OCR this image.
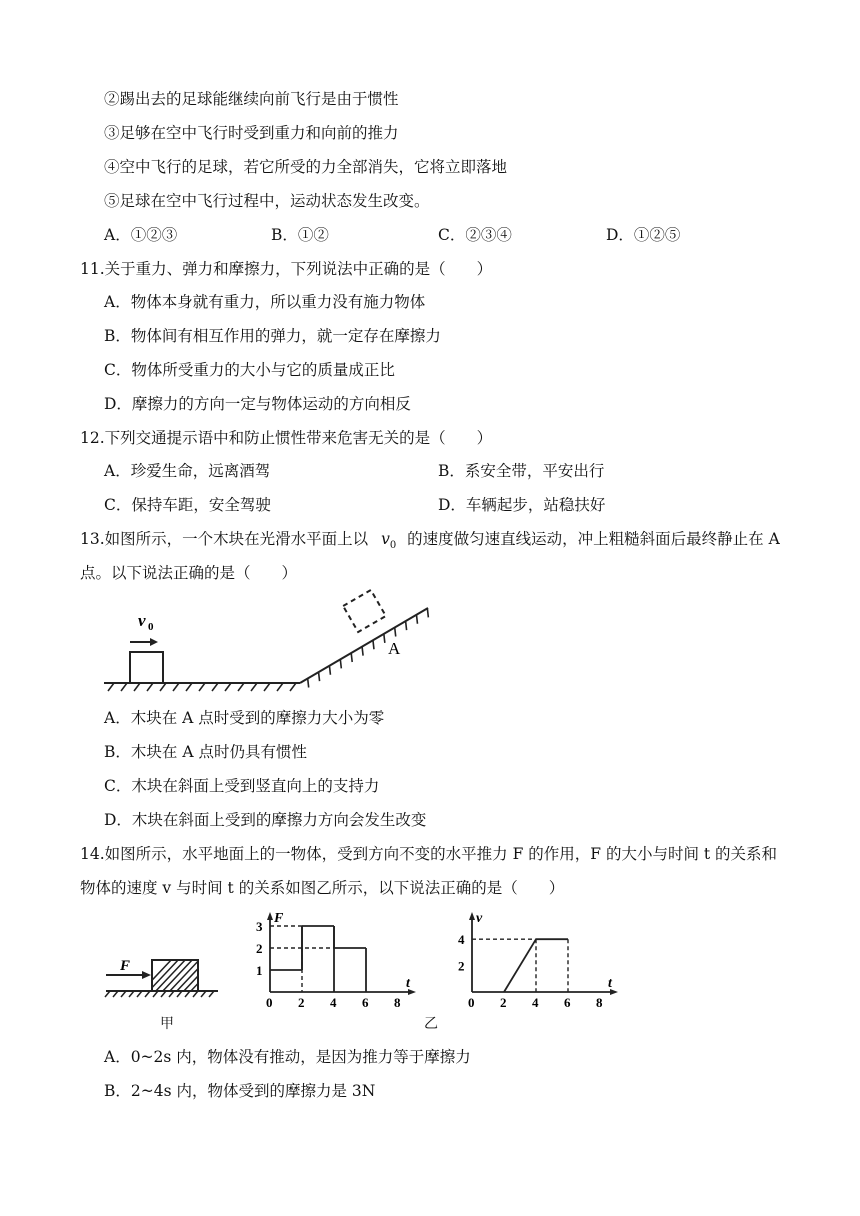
②踢出去的足球能继续向前飞行是由于惯性
③足够在空中飞行时受到重力和向前的推力
④空中飞行的足球，若它所受的力全部消失，它将立即落地
⑤足球在空中飞行过程中，运动状态发生改变。
A．①②③	B．①②	C．②③④	D．①②⑤
11.关于重力、弹力和摩擦力，下列说法中正确的是（　　）
A．物体本身就有重力，所以重力没有施力物体
B．物体间有相互作用的弹力，就一定存在摩擦力
C．物体所受重力的大小与它的质量成正比
D．摩擦力的方向一定与物体运动的方向相反
12.下列交通提示语中和防止惯性带来危害无关的是（　　）
A．珍爱生命，远离酒驾	B．系安全带，平安出行
C．保持车距，安全驾驶	D．车辆起步，站稳扶好
13.如图所示，一个木块在光滑水平面上以 $v_0$ 的速度做匀速直线运动，冲上粗糙斜面后最终静止在 A
点。以下说法正确的是（　　）
v 0
A
A．木块在 A 点时受到的摩擦力大小为零
B．木块在 A 点时仍具有惯性
C．木块在斜面上受到竖直向上的支持力
D．木块在斜面上受到的摩擦力方向会发生改变
14.如图所示，水平地面上的一物体，受到方向不变的水平推力 F 的作用，F 的大小与时间 t 的关系和
物体的速度 v 与时间 t 的关系如图乙所示，以下说法正确的是（　　）
F
甲
F
t
0 2 4 6 8
1
2
3
v
t
0 2 4 6 8
2
4
乙
A．0~2s 内，物体没有推动，是因为推力等于摩擦力
B．2~4s 内，物体受到的摩擦力是 3N
